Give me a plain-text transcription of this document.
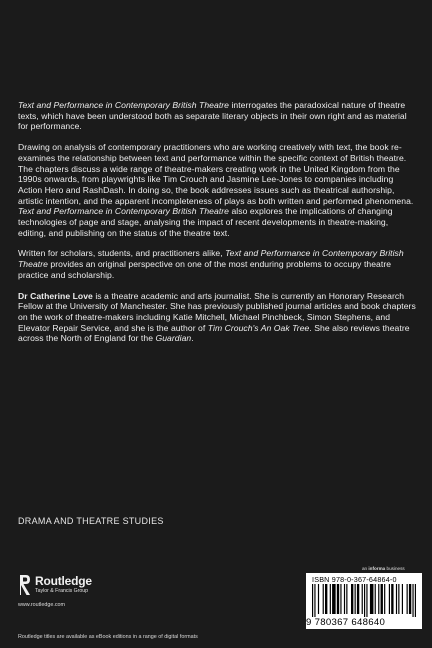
Text and Performance in Contemporary British Theatre interrogates the paradoxical nature of theatre texts, which have been understood both as separate literary objects in their own right and as material for performance.

Drawing on analysis of contemporary practitioners who are working creatively with text, the book re-examines the relationship between text and performance within the specific context of British theatre. The chapters discuss a wide range of theatre-makers creating work in the United Kingdom from the 1990s onwards, from playwrights like Tim Crouch and Jasmine Lee-Jones to companies including Action Hero and RashDash. In doing so, the book addresses issues such as theatrical authorship, artistic intention, and the apparent incompleteness of plays as both written and performed phenomena. Text and Performance in Contemporary British Theatre also explores the implications of changing technologies of page and stage, analysing the impact of recent developments in theatre-making, editing, and publishing on the status of the theatre text.

Written for scholars, students, and practitioners alike, Text and Performance in Contemporary British Theatre provides an original perspective on one of the most enduring problems to occupy theatre practice and scholarship.

Dr Catherine Love is a theatre academic and arts journalist. She is currently an Honorary Research Fellow at the University of Manchester. She has previously published journal articles and book chapters on the work of theatre-makers including Katie Mitchell, Michael Pinchbeck, Simon Stephens, and Elevator Repair Service, and she is the author of Tim Crouch's An Oak Tree. She also reviews theatre across the North of England for the Guardian.

DRAMA AND THEATRE STUDIES
an informa business
Routledge
Taylor & Francis Group
www.routledge.com
ISBN 978-0-367-64864-0
9 780367 648640
Routledge titles are available as eBook editions in a range of digital formats
